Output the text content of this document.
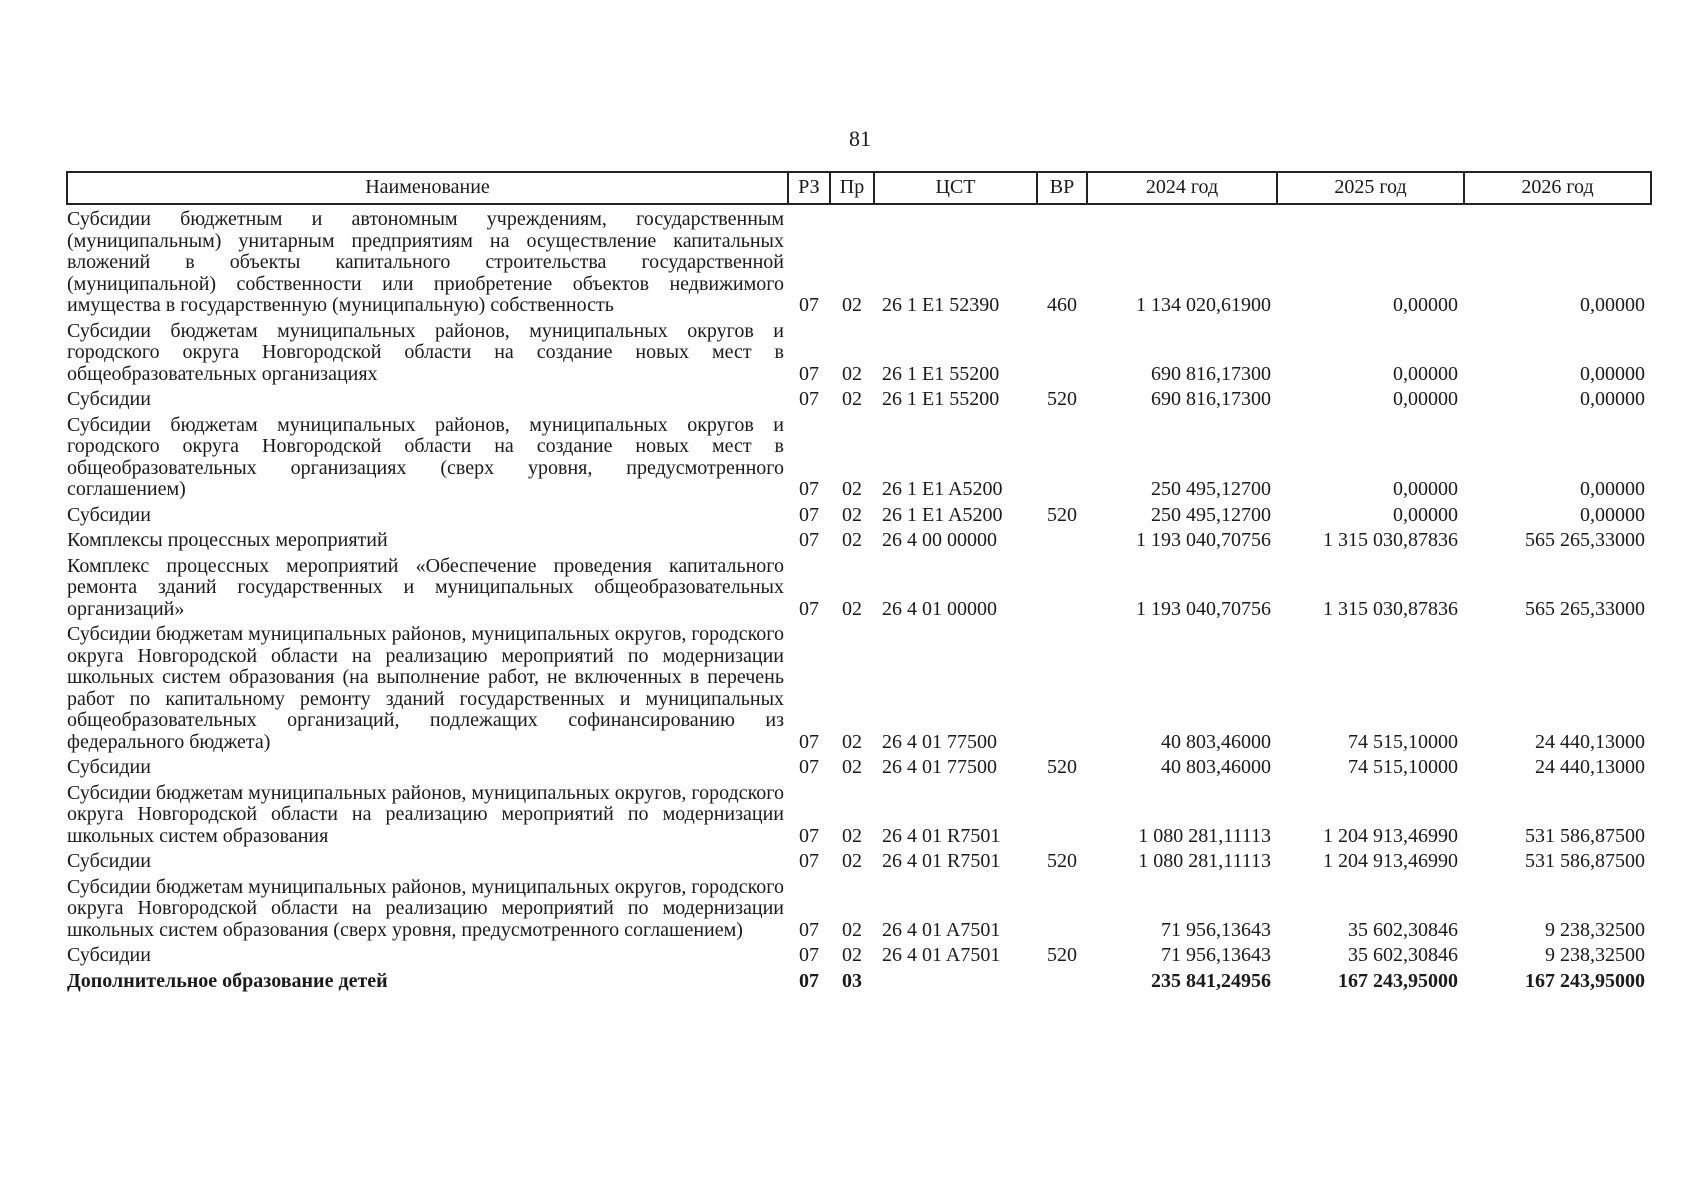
81
Наименование	РЗ	Пр	ЦСТ	ВР	2024 год	2025 год	2026 год
Субсидии бюджетным и автономным учреждениям, государственным (муниципальным) унитарным предприятиям на осуществление капитальных вложений в объекты капитального строительства государственной (муниципальной) собственности или приобретение объектов недвижимого имущества в государственную (муниципальную) собственность	07	02	26 1 E1 52390	460	1 134 020,61900	0,00000	0,00000
Субсидии бюджетам муниципальных районов, муниципальных округов и городского округа Новгородской области на создание новых мест в общеобразовательных организациях	07	02	26 1 E1 55200		690 816,17300	0,00000	0,00000
Субсидии	07	02	26 1 E1 55200	520	690 816,17300	0,00000	0,00000
Субсидии бюджетам муниципальных районов, муниципальных округов и городского округа Новгородской области на создание новых мест в общеобразовательных организациях (сверх уровня, предусмотренного соглашением)	07	02	26 1 E1 A5200		250 495,12700	0,00000	0,00000
Субсидии	07	02	26 1 E1 A5200	520	250 495,12700	0,00000	0,00000
Комплексы процессных мероприятий	07	02	26 4 00 00000		1 193 040,70756	1 315 030,87836	565 265,33000
Комплекс процессных мероприятий «Обеспечение проведения капитального ремонта зданий государственных и муниципальных общеобразовательных организаций»	07	02	26 4 01 00000		1 193 040,70756	1 315 030,87836	565 265,33000
Субсидии бюджетам муниципальных районов, муниципальных округов, городского округа Новгородской области на реализацию мероприятий по модернизации школьных систем образования (на выполнение работ, не включенных в перечень работ по капитальному ремонту зданий государственных и муниципальных общеобразовательных организаций, подлежащих софинансированию из федерального бюджета)	07	02	26 4 01 77500		40 803,46000	74 515,10000	24 440,13000
Субсидии	07	02	26 4 01 77500	520	40 803,46000	74 515,10000	24 440,13000
Субсидии бюджетам муниципальных районов, муниципальных округов, городского округа Новгородской области на реализацию мероприятий по модернизации школьных систем образования	07	02	26 4 01 R7501		1 080 281,11113	1 204 913,46990	531 586,87500
Субсидии	07	02	26 4 01 R7501	520	1 080 281,11113	1 204 913,46990	531 586,87500
Субсидии бюджетам муниципальных районов, муниципальных округов, городского округа Новгородской области на реализацию мероприятий по модернизации школьных систем образования (сверх уровня, предусмотренного соглашением)	07	02	26 4 01 A7501		71 956,13643	35 602,30846	9 238,32500
Субсидии	07	02	26 4 01 A7501	520	71 956,13643	35 602,30846	9 238,32500
Дополнительное образование детей	07	03			235 841,24956	167 243,95000	167 243,95000
